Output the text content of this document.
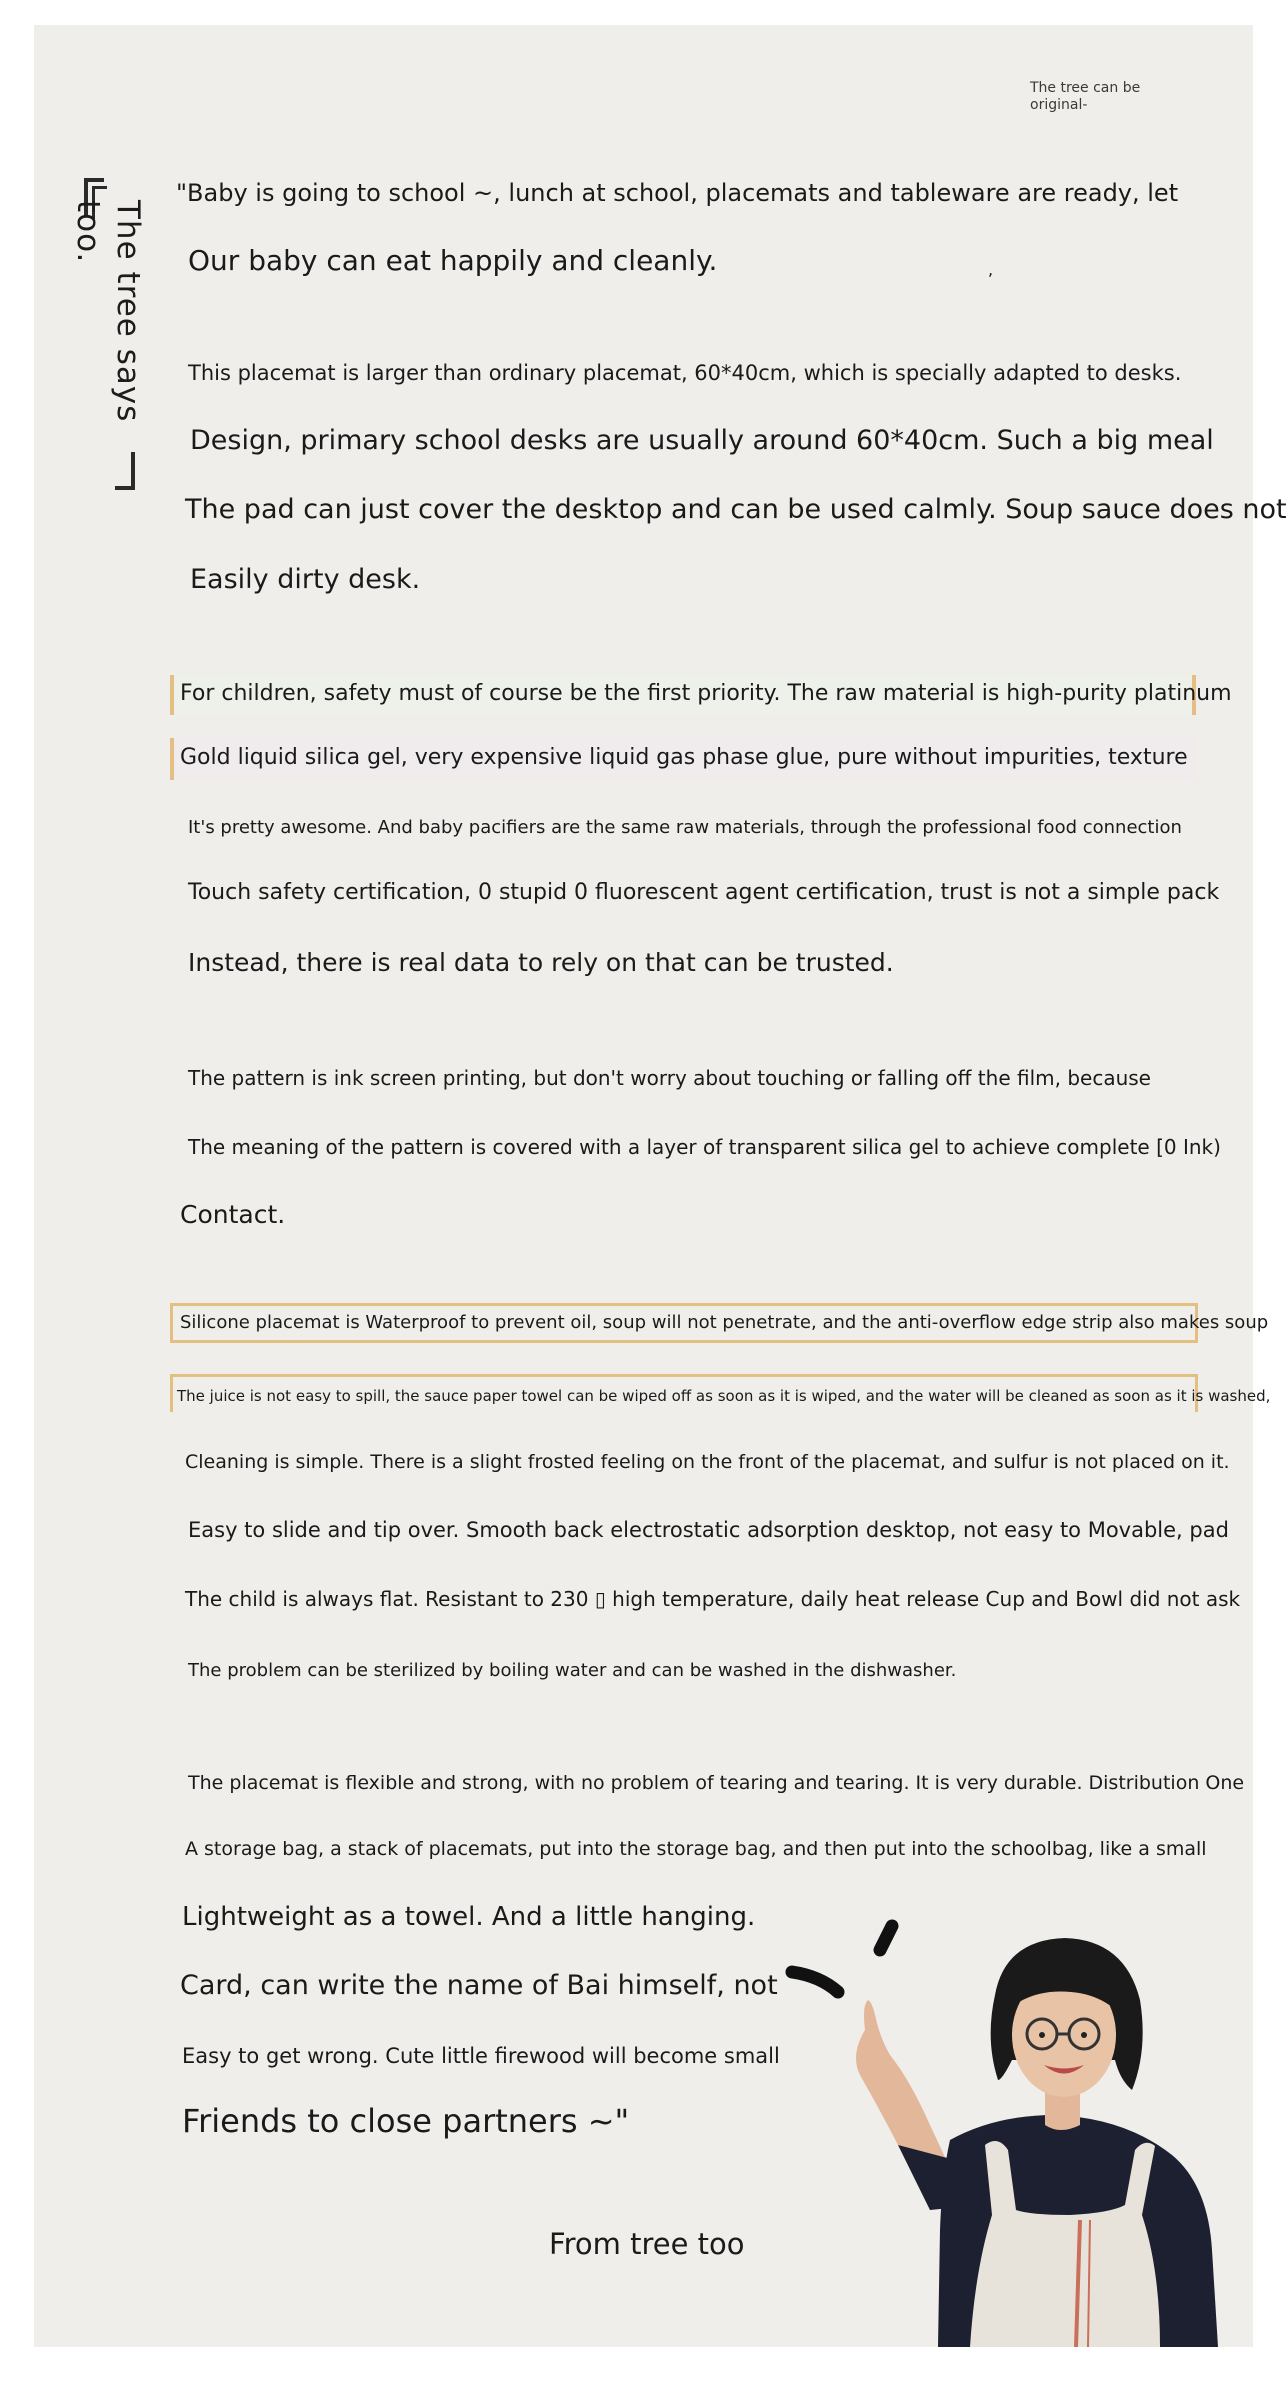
The tree can be original-
The tree says too.
"Baby is going to school ~, lunch at school, placemats and tableware are ready, let
Our baby can eat happily and cleanly.	,
This placemat is larger than ordinary placemat, 60*40cm, which is specially adapted to desks.
Design, primary school desks are usually around 60*40cm. Such a big meal
The pad can just cover the desktop and can be used calmly. Soup sauce does not
Easily dirty desk.
For children, safety must of course be the first priority. The raw material is high-purity platinum
Gold liquid silica gel, very expensive liquid gas phase glue, pure without impurities, texture
It's pretty awesome. And baby pacifiers are the same raw materials, through the professional food connection
Touch safety certification, 0 stupid 0 fluorescent agent certification, trust is not a simple pack
Instead, there is real data to rely on that can be trusted.
The pattern is ink screen printing, but don't worry about touching or falling off the film, because
The meaning of the pattern is covered with a layer of transparent silica gel to achieve complete [0 Ink)
Contact.
Silicone placemat is Waterproof to prevent oil, soup will not penetrate, and the anti-overflow edge strip also makes soup
The juice is not easy to spill, the sauce paper towel can be wiped off as soon as it is wiped, and the water will be cleaned as soon as it is washed,
Cleaning is simple. There is a slight frosted feeling on the front of the placemat, and sulfur is not placed on it.
Easy to slide and tip over. Smooth back electrostatic adsorption desktop, not easy to Movable, pad
The child is always flat. Resistant to 230 ▯ high temperature, daily heat release Cup and Bowl did not ask
The problem can be sterilized by boiling water and can be washed in the dishwasher.
The placemat is flexible and strong, with no problem of tearing and tearing. It is very durable. Distribution One
A storage bag, a stack of placemats, put into the storage bag, and then put into the schoolbag, like a small
Lightweight as a towel. And a little hanging.
Card, can write the name of Bai himself, not
Easy to get wrong. Cute little firewood will become small
Friends to close partners ~"
From tree too
